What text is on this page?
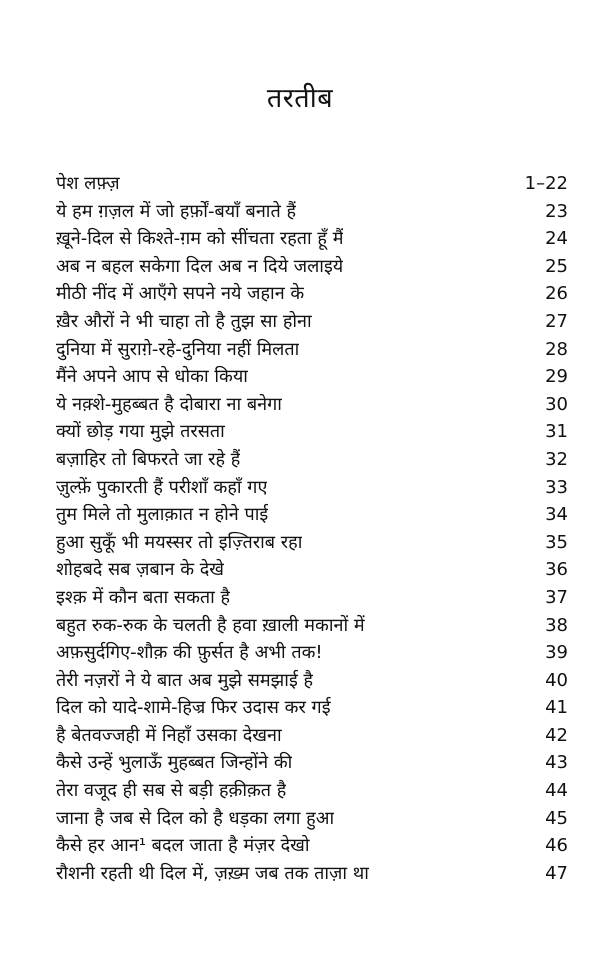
तरतीब
पेश लफ़्ज़	1–22
ये हम ग़ज़ल में जो हर्फ़ों-बयाँ बनाते हैं	23
ख़ूने-दिल से किश्ते-ग़म को सींचता रहता हूँ मैं	24
अब न बहल सकेगा दिल अब न दिये जलाइये	25
मीठी नींद में आएँगे सपने नये जहान के	26
ख़ैर औरों ने भी चाहा तो है तुझ सा होना	27
दुनिया में सुराग़े-रहे-दुनिया नहीं मिलता	28
मैंने अपने आप से धोका किया	29
ये नक़्शे-मुहब्बत है दोबारा ना बनेगा	30
क्यों छोड़ गया मुझे तरसता	31
बज़ाहिर तो बिफरते जा रहे हैं	32
ज़ुल्फ़ें पुकारती हैं परीशाँ कहाँ गए	33
तुम मिले तो मुलाक़ात न होने पाई	34
हुआ सुकूँ भी मयस्सर तो इज़्तिराब रहा	35
शोहबदे सब ज़बान के देखे	36
इश्क़ में कौन बता सकता है	37
बहुत रुक-रुक के चलती है हवा ख़ाली मकानों में	38
अफ़सुर्दगिए-शौक़ की फ़ुर्सत है अभी तक!	39
तेरी नज़रों ने ये बात अब मुझे समझाई है	40
दिल को यादे-शामे-हिज्र फिर उदास कर गई	41
है बेतवज्जही में निहाँ उसका देखना	42
कैसे उन्हें भुलाऊँ मुहब्बत जिन्होंने की	43
तेरा वजूद ही सब से बड़ी हक़ीक़त है	44
जाना है जब से दिल को है धड़का लगा हुआ	45
कैसे हर आन¹ बदल जाता है मंज़र देखो	46
रौशनी रहती थी दिल में, ज़ख़्म जब तक ताज़ा था	47
